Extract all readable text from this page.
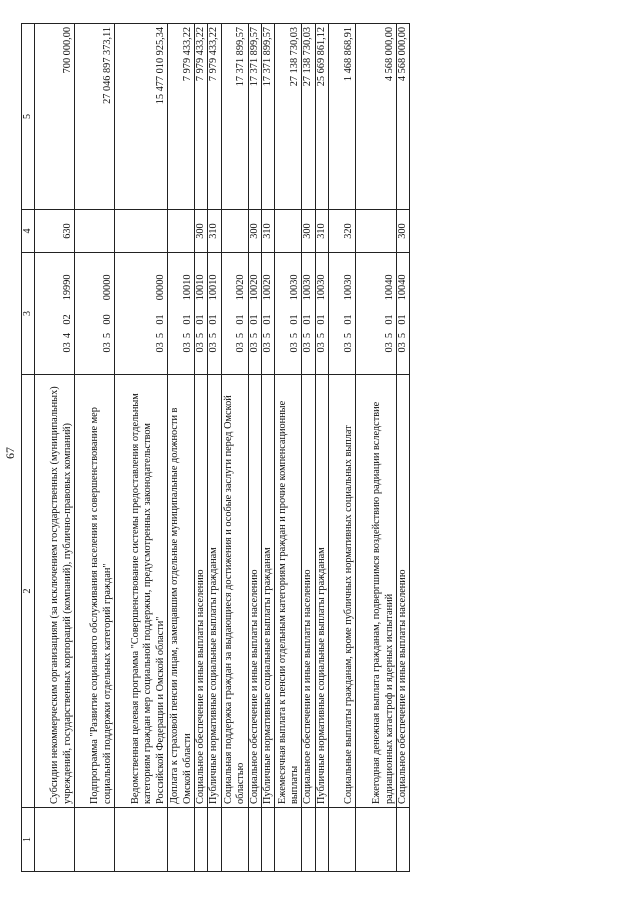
67
1	2	3	4	5
	Субсидии некоммерческим организациям (за исключением государственных (муниципальных) учреждений, государственных корпораций (компаний), публично-правовых компаний)	0340219990	630	700 000,00
	Подпрограмма "Развитие социального обслуживания населения и совершенствование мер социальной поддержки отдельных категорий граждан"	0350000000		27 046 897 373,11
	Ведомственная целевая программа "Совершенствование системы предоставления отдельным категориям граждан мер социальной поддержки, предусмотренных законодательством Российской Федерации и Омской области"	0350100000		15 477 010 925,34
	Доплата к страховой пенсии лицам, замещавшим отдельные муниципальные должности в Омской области	0350110010		7 979 433,22
	Социальное обеспечение и иные выплаты населению	0350110010	300	7 979 433,22
	Публичные нормативные социальные выплаты гражданам	0350110010	310	7 979 433,22
	Социальная поддержка граждан за выдающиеся достижения и особые заслуги перед Омской областью	0350110020		17 371 899,57
	Социальное обеспечение и иные выплаты населению	0350110020	300	17 371 899,57
	Публичные нормативные социальные выплаты гражданам	0350110020	310	17 371 899,57
	Ежемесячная выплата к пенсии отдельным категориям граждан и прочие компенсационные выплаты	0350110030		27 138 730,03
	Социальное обеспечение и иные выплаты населению	0350110030	300	27 138 730,03
	Публичные нормативные социальные выплаты гражданам	0350110030	310	25 669 861,12
	Социальные выплаты гражданам, кроме публичных нормативных социальных выплат	0350110030	320	1 468 868,91
	Ежегодная денежная выплата гражданам, подвергшимся воздействию радиации вследствие радиационных катастроф и ядерных испытаний	0350110040		4 568 000,00
	Социальное обеспечение и иные выплаты населению	0350110040	300	4 568 000,00
